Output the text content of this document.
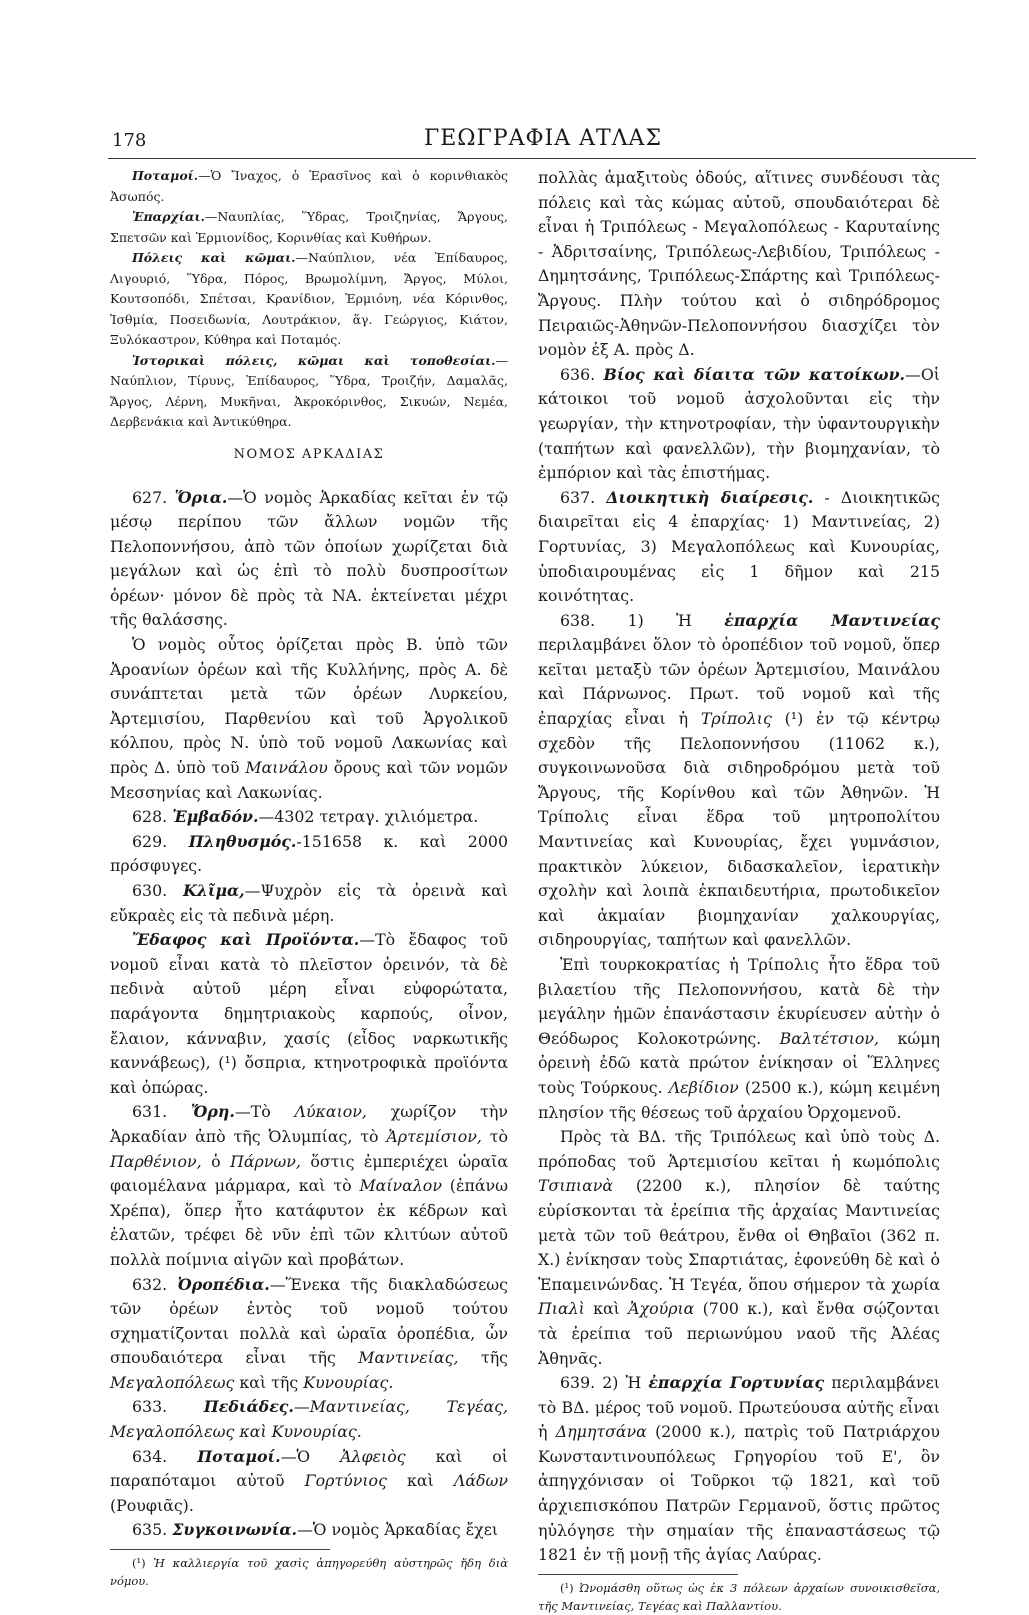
178	ΓΕΩΓΡΑΦΙΑ ΑΤΛΑΣ

Ποταμοί.—Ὁ Ἴναχος, ὁ Ἐρασῖνος καὶ ὁ κορινθιακὸς Ἀσωπός.

Ἐπαρχίαι.—Ναυπλίας, Ὕδρας, Τροιζηνίας, Ἄργους, Σπετσῶν καὶ Ἑρμιονίδος, Κορινθίας καὶ Κυθήρων.

Πόλεις καὶ κῶμαι.—Ναύπλιον, νέα Ἐπίδαυρος, Λιγουριό, Ὕδρα, Πόρος, Βρωμολίμνη, Ἄργος, Μύλοι, Κουτσοπόδι, Σπέτσαι, Κρανίδιον, Ἑρμιόνη, νέα Κόρινθος, Ἰσθμία, Ποσειδωνία, Λουτράκιον, ἅγ. Γεώργιος, Κιάτον, Ξυλόκαστρον, Κύθηρα καὶ Ποταμός.

Ἱστορικαὶ πόλεις, κῶμαι καὶ τοποθεσίαι.—Ναύπλιον, Τίρυνς, Ἐπίδαυρος, Ὕδρα, Τροιζήν, Δαμαλᾶς, Ἄργος, Λέρνη, Μυκῆναι, Ἀκροκόρινθος, Σικυών, Νεμέα, Δερβενάκια καὶ Ἀντικύθηρα.

ΝΟΜΟΣ ΑΡΚΑΔΙΑΣ

627. Ὅρια.—Ὁ νομὸς Ἀρκαδίας κεῖται ἐν τῷ μέσῳ περίπου τῶν ἄλλων νομῶν τῆς Πελοποννήσου, ἀπὸ τῶν ὁποίων χωρίζεται διὰ μεγάλων καὶ ὡς ἐπὶ τὸ πολὺ δυσπροσίτων ὀρέων· μόνον δὲ πρὸς τὰ ΝΑ. ἐκτείνεται μέχρι τῆς θαλάσσης.

Ὁ νομὸς οὗτος ὁρίζεται πρὸς Β. ὑπὸ τῶν Ἀροανίων ὀρέων καὶ τῆς Κυλλήνης, πρὸς Α. δὲ συνάπτεται μετὰ τῶν ὀρέων Λυρκείου, Ἀρτεμισίου, Παρθενίου καὶ τοῦ Ἀργολικοῦ κόλπου, πρὸς Ν. ὑπὸ τοῦ νομοῦ Λακωνίας καὶ πρὸς Δ. ὑπὸ τοῦ Μαινάλου ὄρους καὶ τῶν νομῶν Μεσσηνίας καὶ Λακωνίας.

628. Ἐμβαδόν.—4302 τετραγ. χιλιόμετρα.

629. Πληθυσμός.-151658 κ. καὶ 2000 πρόσφυγες.

630. Κλῖμα,—Ψυχρὸν εἰς τὰ ὀρεινὰ καὶ εὔκραὲς εἰς τὰ πεδινὰ μέρη.

Ἔδαφος καὶ Προϊόντα.—Τὸ ἔδαφος τοῦ νομοῦ εἶναι κατὰ τὸ πλεῖστον ὀρεινόν, τὰ δὲ πεδινὰ αὐτοῦ μέρη εἶναι εὐφορώτατα, παράγοντα δημητριακοὺς καρπούς, οἶνον, ἔλαιον, κάνναβιν, χασίς (εἶδος ναρκωτικῆς καννάβεως), (¹) ὄσπρια, κτηνοτροφικὰ προϊόντα καὶ ὀπώρας.

631. Ὄρη.—Τὸ Λύκαιον, χωρίζον τὴν Ἀρκαδίαν ἀπὸ τῆς Ὀλυμπίας, τὸ Ἀρτεμίσιον, τὸ Παρθένιον, ὁ Πάρνων, ὅστις ἐμπεριέχει ὡραῖα φαιομέλανα μάρμαρα, καὶ τὸ Μαίναλον (ἐπάνω Χρέπα), ὅπερ ἦτο κατάφυτον ἐκ κέδρων καὶ ἐλατῶν, τρέφει δὲ νῦν ἐπὶ τῶν κλιτύων αὐτοῦ πολλὰ ποίμνια αἰγῶν καὶ προβάτων.

632. Ὀροπέδια.—Ἕνεκα τῆς διακλαδώσεως τῶν ὀρέων ἐντὸς τοῦ νομοῦ τούτου σχηματίζονται πολλὰ καὶ ὡραῖα ὀροπέδια, ὧν σπουδαιότερα εἶναι τῆς Μαντινείας, τῆς Μεγαλοπόλεως καὶ τῆς Κυνουρίας.

633. Πεδιάδες.—Μαντινείας, Τεγέας, Μεγαλοπόλεως καὶ Κυνουρίας.

634. Ποταμοί.—Ὁ Ἀλφειὸς καὶ οἱ παραπόταμοι αὐτοῦ Γορτύνιος καὶ Λάδων (Ρουφιᾶς).

635. Συγκοινωνία.—Ὁ νομὸς Ἀρκαδίας ἔχει

(¹) Ἡ καλλιεργία τοῦ χασὶς ἀπηγορεύθη αὐστηρῶς ἤδη διὰ νόμου.

πολλὰς ἁμαξιτοὺς ὁδούς, αἵτινες συνδέουσι τὰς πόλεις καὶ τὰς κώμας αὐτοῦ, σπουδαιότεραι δὲ εἶναι ἡ Τριπόλεως - Μεγαλοπόλεως - Καρυταίνης - Ἀδριτσαίνης, Τριπόλεως-Λεβιδίου, Τριπόλεως - Δημητσάνης, Τριπόλεως-Σπάρτης καὶ Τριπόλεως-Ἄργους. Πλὴν τούτου καὶ ὁ σιδηρόδρομος Πειραιῶς-Ἀθηνῶν-Πελοποννήσου διασχίζει τὸν νομὸν ἐξ Α. πρὸς Δ.

636. Βίος καὶ δίαιτα τῶν κατοίκων.—Οἱ κάτοικοι τοῦ νομοῦ ἀσχολοῦνται εἰς τὴν γεωργίαν, τὴν κτηνοτροφίαν, τὴν ὑφαντουργικὴν (ταπήτων καὶ φανελλῶν), τὴν βιομηχανίαν, τὸ ἐμπόριον καὶ τὰς ἐπιστήμας.

637. Διοικητικὴ διαίρεσις. - Διοικητικῶς διαιρεῖται εἰς 4 ἐπαρχίας· 1) Μαντινείας, 2) Γορτυνίας, 3) Μεγαλοπόλεως καὶ Κυνουρίας, ὑποδιαιρουμένας εἰς 1 δῆμον καὶ 215 κοινότητας.

638. 1) Ἡ ἐπαρχία Μαντινείας περιλαμβάνει ὅλον τὸ ὀροπέδιον τοῦ νομοῦ, ὅπερ κεῖται μεταξὺ τῶν ὀρέων Ἀρτεμισίου, Μαινάλου καὶ Πάρνωνος. Πρωτ. τοῦ νομοῦ καὶ τῆς ἐπαρχίας εἶναι ἡ Τρίπολις (¹) ἐν τῷ κέντρῳ σχεδὸν τῆς Πελοποννήσου (11062 κ.), συγκοινωνοῦσα διὰ σιδηροδρόμου μετὰ τοῦ Ἄργους, τῆς Κορίνθου καὶ τῶν Ἀθηνῶν. Ἡ Τρίπολις εἶναι ἕδρα τοῦ μητροπολίτου Μαντινείας καὶ Κυνουρίας, ἔχει γυμνάσιον, πρακτικὸν λύκειον, διδασκαλεῖον, ἱερατικὴν σχολὴν καὶ λοιπὰ ἐκπαιδευτήρια, πρωτοδικεῖον καὶ ἀκμαίαν βιομηχανίαν χαλκουργίας, σιδηρουργίας, ταπήτων καὶ φανελλῶν.

Ἐπὶ τουρκοκρατίας ἡ Τρίπολις ἦτο ἕδρα τοῦ βιλαετίου τῆς Πελοποννήσου, κατὰ δὲ τὴν μεγάλην ἡμῶν ἐπανάστασιν ἐκυρίευσεν αὐτὴν ὁ Θεόδωρος Κολοκοτρώνης. Βαλτέτσιον, κώμη ὀρεινὴ ἐδῶ κατὰ πρώτον ἐνίκησαν οἱ Ἕλληνες τοὺς Τούρκους. Λεβίδιον (2500 κ.), κώμη κειμένη πλησίον τῆς θέσεως τοῦ ἀρχαίου Ὀρχομενοῦ.

Πρὸς τὰ ΒΔ. τῆς Τριπόλεως καὶ ὑπὸ τοὺς Δ. πρόποδας τοῦ Ἀρτεμισίου κεῖται ἡ κωμόπολις Τσιπιανὰ (2200 κ.), πλησίον δὲ ταύτης εὑρίσκονται τὰ ἐρείπια τῆς ἀρχαίας Μαντινείας μετὰ τῶν τοῦ θεάτρου, ἔνθα οἱ Θηβαῖοι (362 π. Χ.) ἐνίκησαν τοὺς Σπαρτιάτας, ἐφονεύθη δὲ καὶ ὁ Ἐπαμεινώνδας. Ἡ Τεγέα, ὅπου σήμερον τὰ χωρία Πιαλὶ καὶ Ἀχούρια (700 κ.), καὶ ἔνθα σῴζονται τὰ ἐρείπια τοῦ περιωνύμου ναοῦ τῆς Ἀλέας Ἀθηνᾶς.

639. 2) Ἡ ἐπαρχία Γορτυνίας περιλαμβάνει τὸ ΒΔ. μέρος τοῦ νομοῦ. Πρωτεύουσα αὐτῆς εἶναι ἡ Δημητσάνα (2000 κ.), πατρὶς τοῦ Πατριάρχου Κωνσταντινουπόλεως Γρηγορίου τοῦ Ε', ὃν ἀπηγχόνισαν οἱ Τοῦρκοι τῷ 1821, καὶ τοῦ ἀρχιεπισκόπου Πατρῶν Γερμανοῦ, ὅστις πρῶτος ηὐλόγησε τὴν σημαίαν τῆς ἐπαναστάσεως τῷ 1821 ἐν τῇ μονῇ τῆς ἁγίας Λαύρας.

(¹) Ὠνομάσθη οὕτως ὡς ἐκ 3 πόλεων ἀρχαίων συνοικισθεῖσα, τῆς Μαντινείας, Τεγέας καὶ Παλλαντίου.
